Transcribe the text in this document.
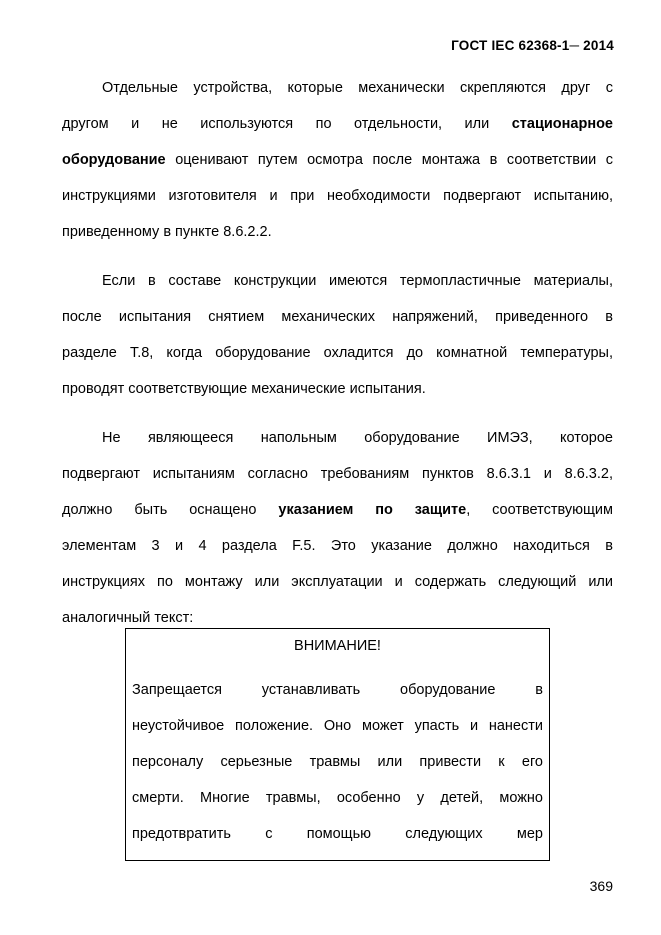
ГОСТ IEC 62368-1─ 2014
Отдельные устройства, которые механически скрепляются друг с
другом и не используются по отдельности, или стационарное
оборудование оценивают путем осмотра после монтажа в соответствии с
инструкциями изготовителя и при необходимости подвергают испытанию,
приведенному в пункте 8.6.2.2.
Если в составе конструкции имеются термопластичные материалы,
после испытания снятием механических напряжений, приведенного в
разделе Т.8, когда оборудование охладится до комнатной температуры,
проводят соответствующие механические испытания.
Не являющееся напольным оборудование ИМЭЗ, которое
подвергают испытаниям согласно требованиям пунктов 8.6.3.1 и 8.6.3.2,
должно быть оснащено указанием по защите, соответствующим
элементам 3 и 4 раздела F.5. Это указание должно находиться в
инструкциях по монтажу или эксплуатации и содержать следующий или
аналогичный текст:
ВНИМАНИЕ!
Запрещается устанавливать оборудование в
неустойчивое положение. Оно может упасть и нанести
персоналу серьезные травмы или привести к его
смерти. Многие травмы, особенно у детей, можно
предотвратить с помощью следующих мер
369
